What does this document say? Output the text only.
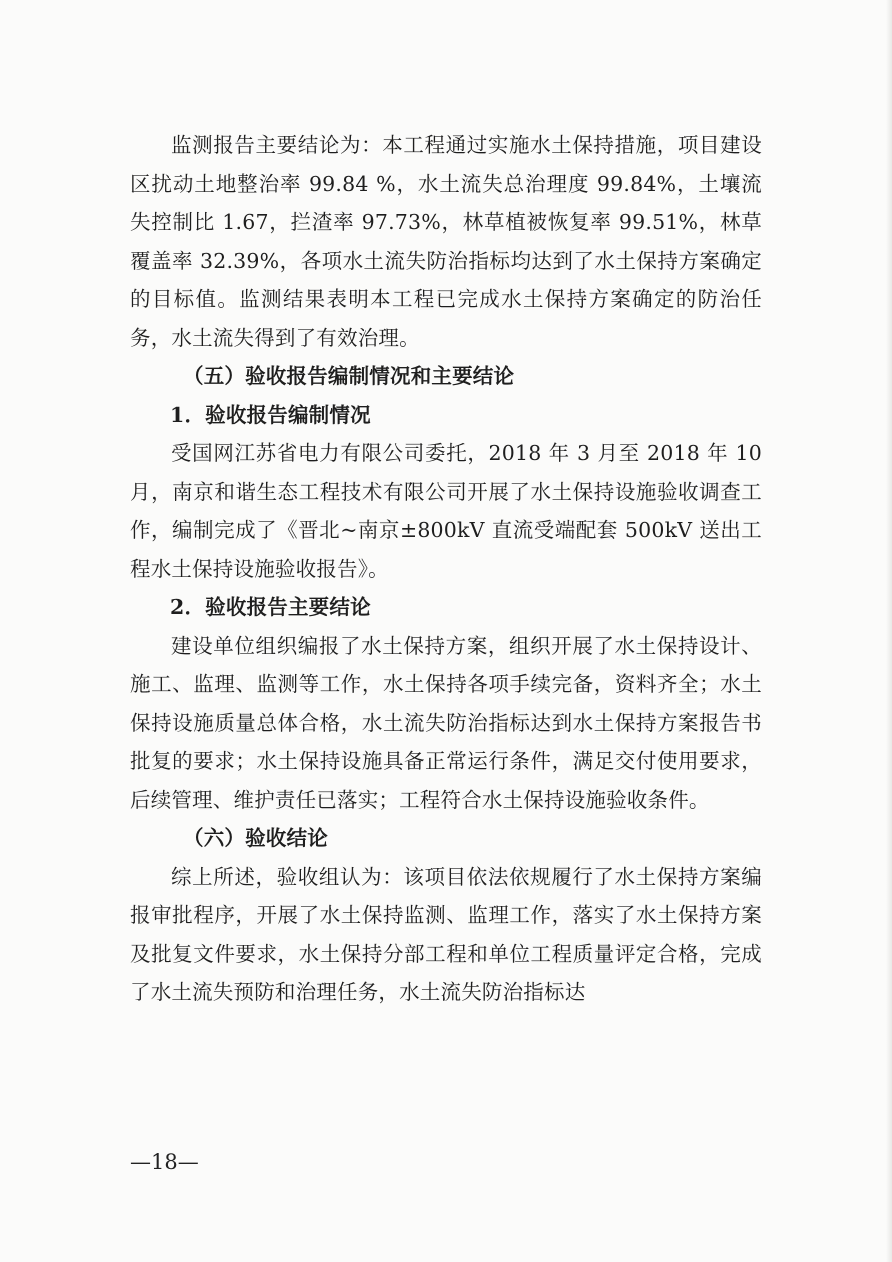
监测报告主要结论为：本工程通过实施水土保持措施，项目建设区扰动土地整治率 99.84 %，水土流失总治理度 99.84%，土壤流失控制比 1.67，拦渣率 97.73%，林草植被恢复率 99.51%，林草覆盖率 32.39%，各项水土流失防治指标均达到了水土保持方案确定的目标值。监测结果表明本工程已完成水土保持方案确定的防治任务，水土流失得到了有效治理。

（五）验收报告编制情况和主要结论

1．验收报告编制情况

受国网江苏省电力有限公司委托，2018 年 3 月至 2018 年 10 月，南京和谐生态工程技术有限公司开展了水土保持设施验收调查工作，编制完成了《晋北~南京±800kV 直流受端配套 500kV 送出工程水土保持设施验收报告》。

2．验收报告主要结论

建设单位组织编报了水土保持方案，组织开展了水土保持设计、施工、监理、监测等工作，水土保持各项手续完备，资料齐全；水土保持设施质量总体合格，水土流失防治指标达到水土保持方案报告书批复的要求；水土保持设施具备正常运行条件，满足交付使用要求，后续管理、维护责任已落实；工程符合水土保持设施验收条件。

（六）验收结论

综上所述，验收组认为：该项目依法依规履行了水土保持方案编报审批程序，开展了水土保持监测、监理工作，落实了水土保持方案及批复文件要求，水土保持分部工程和单位工程质量评定合格，完成了水土流失预防和治理任务，水土流失防治指标达

—18—
